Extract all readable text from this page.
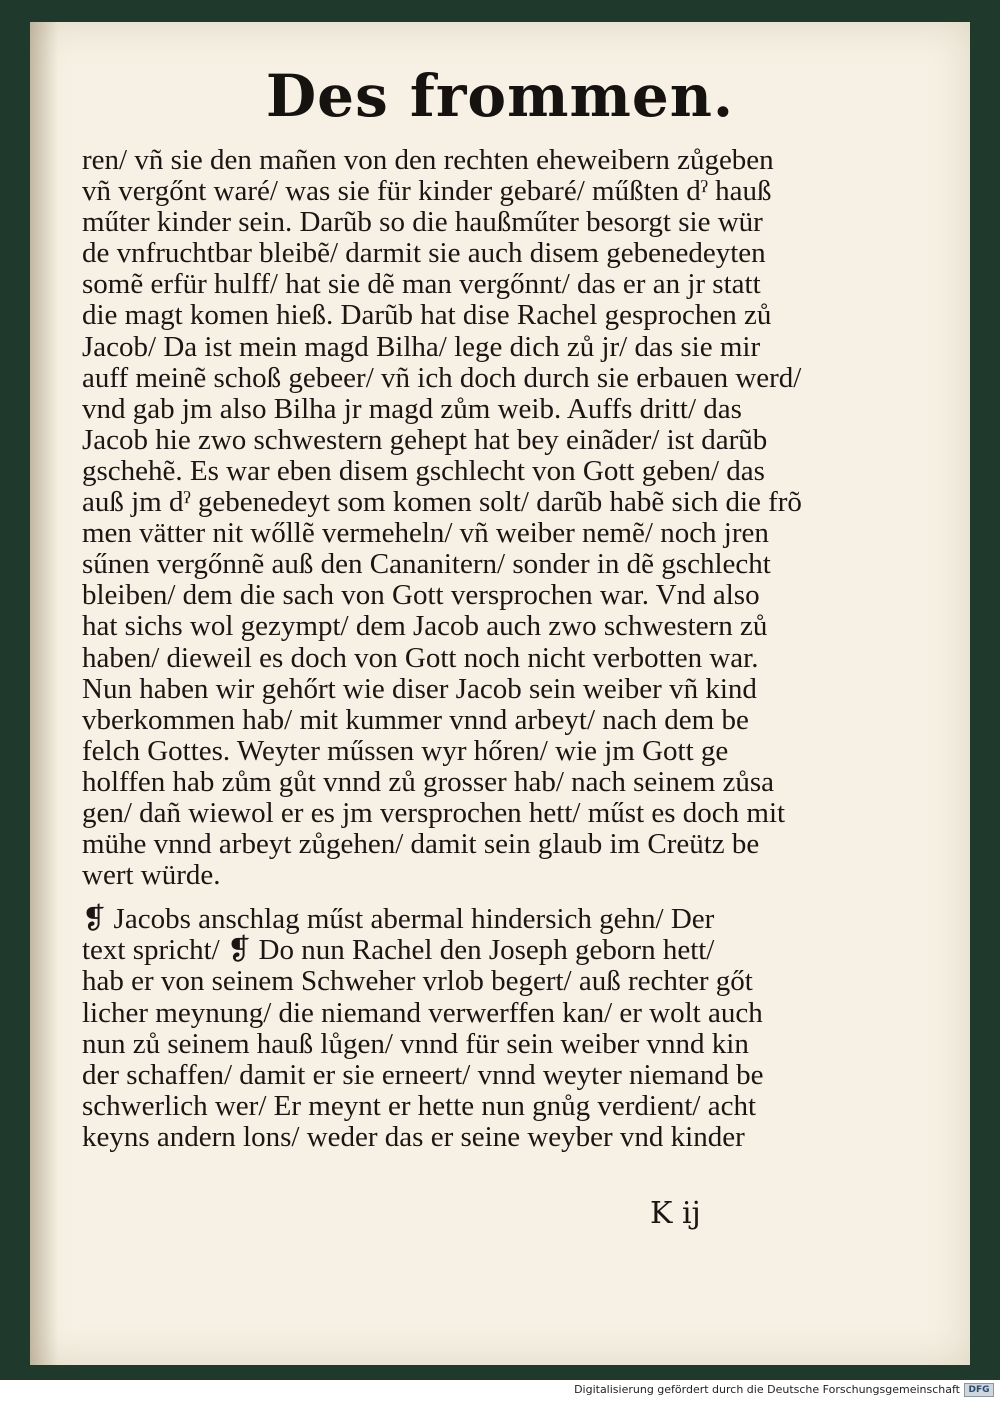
Des frommen.
ren/ vñ sie den mañen von den rechten eheweibern zůgeben
vñ vergőnt waré/ was sie für kinder gebaré/ műßten dˀ hauß
műter kinder sein. Darũb so die haußműter besorgt sie wür
de vnfruchtbar bleibẽ/ darmit sie auch disem gebenedeyten
somẽ erfür hulff/ hat sie dẽ man vergőnnt/ das er an jr statt
die magt komen hieß. Darũb hat dise Rachel gesprochen zů
Jacob/ Da ist mein magd Bilha/ lege dich zů jr/ das sie mir
auff meinẽ schoß gebeer/ vñ ich doch durch sie erbauen werd/
vnd gab jm also Bilha jr magd zům weib. Auffs dritt/ das
Jacob hie zwo schwestern gehept hat bey einãder/ ist darũb
gschehẽ. Es war eben disem gschlecht von Gott geben/ das
auß jm dˀ gebenedeyt som komen solt/ darũb habẽ sich die frõ
men vätter nit wőllẽ vermeheln/ vñ weiber nemẽ/ noch jren
sűnen vergőnnẽ auß den Cananitern/ sonder in dẽ gschlecht
bleiben/ dem die sach von Gott versprochen war. Vnd also
hat sichs wol gezympt/ dem Jacob auch zwo schwestern zů
haben/ dieweil es doch von Gott noch nicht verbotten war.
Nun haben wir gehőrt wie diser Jacob sein weiber vñ kind
vberkommen hab/ mit kummer vnnd arbeyt/ nach dem be
felch Gottes. Weyter műssen wyr hőren/ wie jm Gott ge
holffen hab zům gůt vnnd zů grosser hab/ nach seinem zůsa
gen/ dañ wiewol er es jm versprochen hett/ műst es doch mit
mühe vnnd arbeyt zůgehen/ damit sein glaub im Creütz be
wert würde.
❡ Jacobs anschlag műst abermal hindersich gehn/ Der
text spricht/ ❡ Do nun Rachel den Joseph geborn hett/
hab er von seinem Schweher vrlob begert/ auß rechter gőt
licher meynung/ die niemand verwerffen kan/ er wolt auch
nun zů seinem hauß lůgen/ vnnd für sein weiber vnnd kin
der schaffen/ damit er sie erneert/ vnnd weyter niemand be
schwerlich wer/ Er meynt er hette nun gnůg verdient/ acht
keyns andern lons/ weder das er seine weyber vnd kinder
K ij
Digitalisierung gefördert durch die Deutsche Forschungsgemeinschaft DFG
